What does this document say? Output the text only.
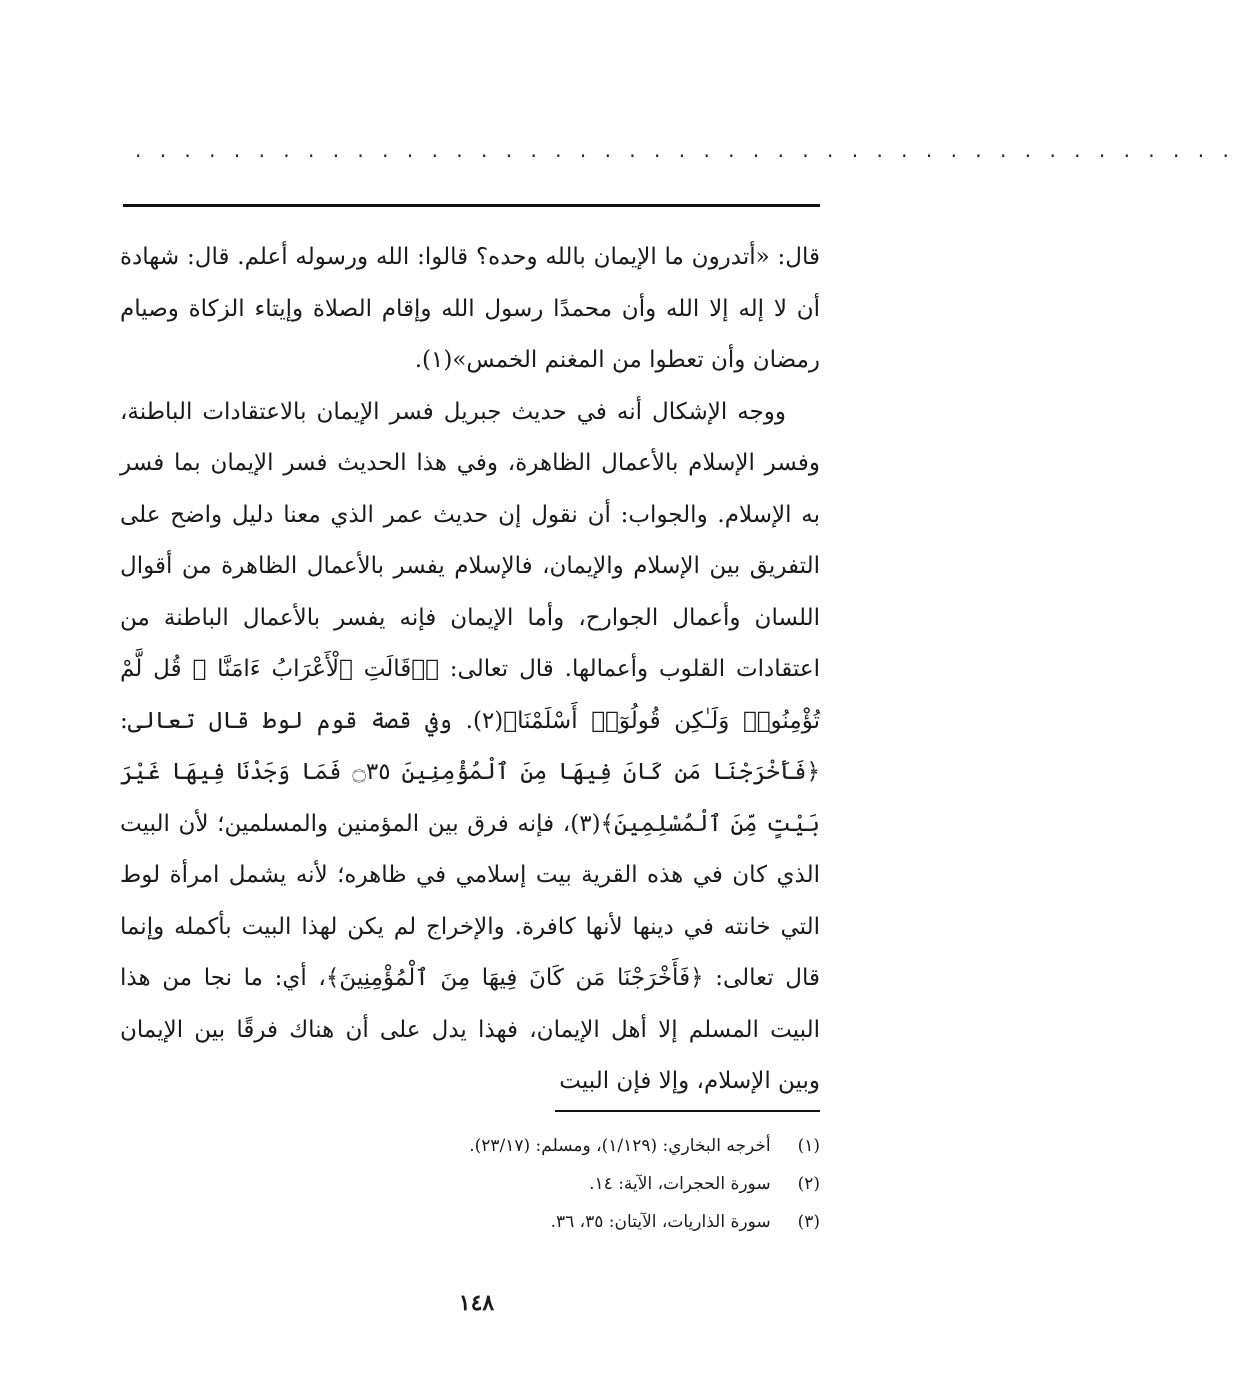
. . . . . . . . . . . . . . . . . . . . . . . . . . . . . . . . . . . . . . . . . . . . .

قال: «أتدرون ما الإيمان بالله وحده؟ قالوا: الله ورسوله أعلم. قال: شهادة أن لا إله إلا الله وأن محمدًا رسول الله وإقام الصلاة وإيتاء الزكاة وصيام رمضان وأن تعطوا من المغنم الخمس»(١).

ووجه الإشكال أنه في حديث جبريل فسر الإيمان بالاعتقادات الباطنة، وفسر الإسلام بالأعمال الظاهرة، وفي هذا الحديث فسر الإيمان بما فسر به الإسلام. والجواب: أن نقول إن حديث عمر الذي معنا دليل واضح على التفريق بين الإسلام والإيمان، فالإسلام يفسر بالأعمال الظاهرة من أقوال اللسان وأعمال الجوارح، وأما الإيمان فإنه يفسر بالأعمال الباطنة من اعتقادات القلوب وأعمالها. قال تعالى: ﴿۞قَالَتِ ٱلْأَعْرَابُ ءَامَنَّا ۖ قُل لَّمْ تُؤْمِنُوا۟ وَلَـٰكِن قُولُوٓا۟ أَسْلَمْنَا﴾(٢). وفي قصة قوم لوط قال تعالى: ﴿فَأَخْرَجْنَا مَن كَانَ فِيهَا مِنَ ٱلْمُؤْمِنِينَ ۝٣٥ فَمَا وَجَدْنَا فِيهَا غَيْرَ بَيْتٍ مِّنَ ٱلْمُسْلِمِينَ﴾(٣)، فإنه فرق بين المؤمنين والمسلمين؛ لأن البيت الذي كان في هذه القرية بيت إسلامي في ظاهره؛ لأنه يشمل امرأة لوط التي خانته في دينها لأنها كافرة. والإخراج لم يكن لهذا البيت بأكمله وإنما قال تعالى: ﴿فَأَخْرَجْنَا مَن كَانَ فِيهَا مِنَ ٱلْمُؤْمِنِينَ﴾، أي: ما نجا من هذا البيت المسلم إلا أهل الإيمان، فهذا يدل على أن هناك فرقًا بين الإيمان وبين الإسلام، وإلا فإن البيت

(١) أخرجه البخاري: (١/١٢٩)، ومسلم: (٢٣/١٧).
(٢) سورة الحجرات، الآية: ١٤.
(٣) سورة الذاريات، الآيتان: ٣٥، ٣٦.
١٤٨
